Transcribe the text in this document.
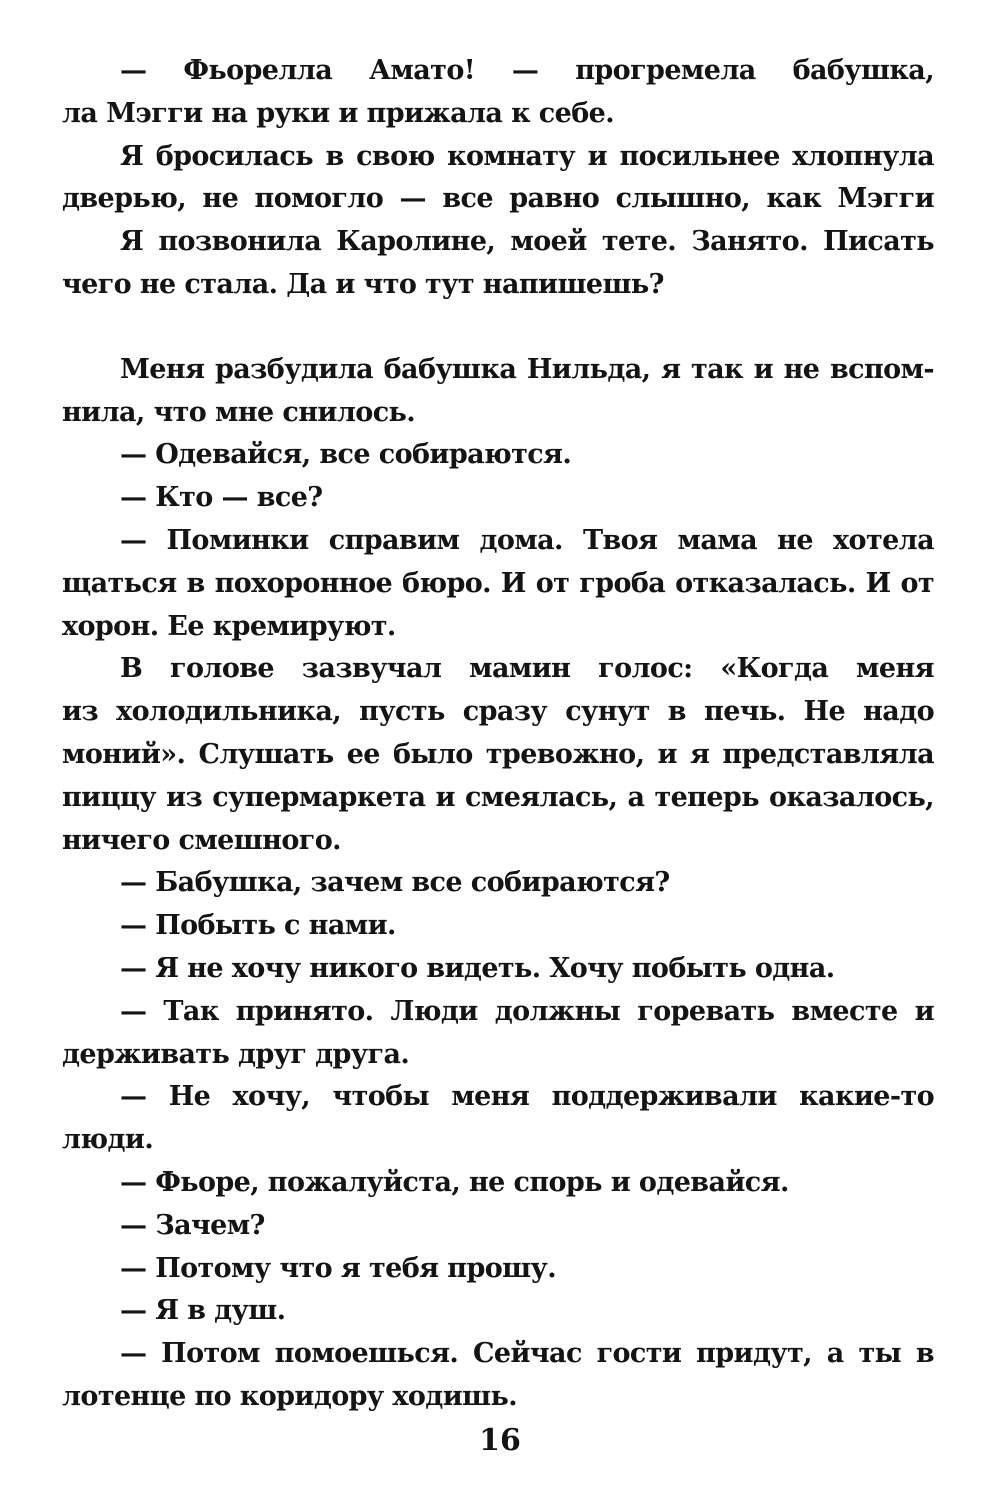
— Фьорелла Амато! — прогремела бабушка,
ла Мэгги на руки и прижала к себе.
Я бросилась в свою комнату и посильнее хлопнула
дверью, не помогло — все равно слышно, как Мэгги
Я позвонила Каролине, моей тете. Занято. Писать
чего не стала. Да и что тут напишешь?
Меня разбудила бабушка Нильда, я так и не вспом-
нила, что мне снилось.
— Одевайся, все собираются.
— Кто — все?
— Поминки справим дома. Твоя мама не хотела
щаться в похоронное бюро. И от гроба отказалась. И от
хорон. Ее кремируют.
В голове зазвучал мамин голос: «Когда меня
из холодильника, пусть сразу сунут в печь. Не надо
моний». Слушать ее было тревожно, и я представляла
пиццу из супермаркета и смеялась, а теперь оказалось,
ничего смешного.
— Бабушка, зачем все собираются?
— Побыть с нами.
— Я не хочу никого видеть. Хочу побыть одна.
— Так принято. Люди должны горевать вместе и
держивать друг друга.
— Не хочу, чтобы меня поддерживали какие-то
люди.
— Фьоре, пожалуйста, не спорь и одевайся.
— Зачем?
— Потому что я тебя прошу.
— Я в душ.
— Потом помоешься. Сейчас гости придут, а ты в
лотенце по коридору ходишь.
16
